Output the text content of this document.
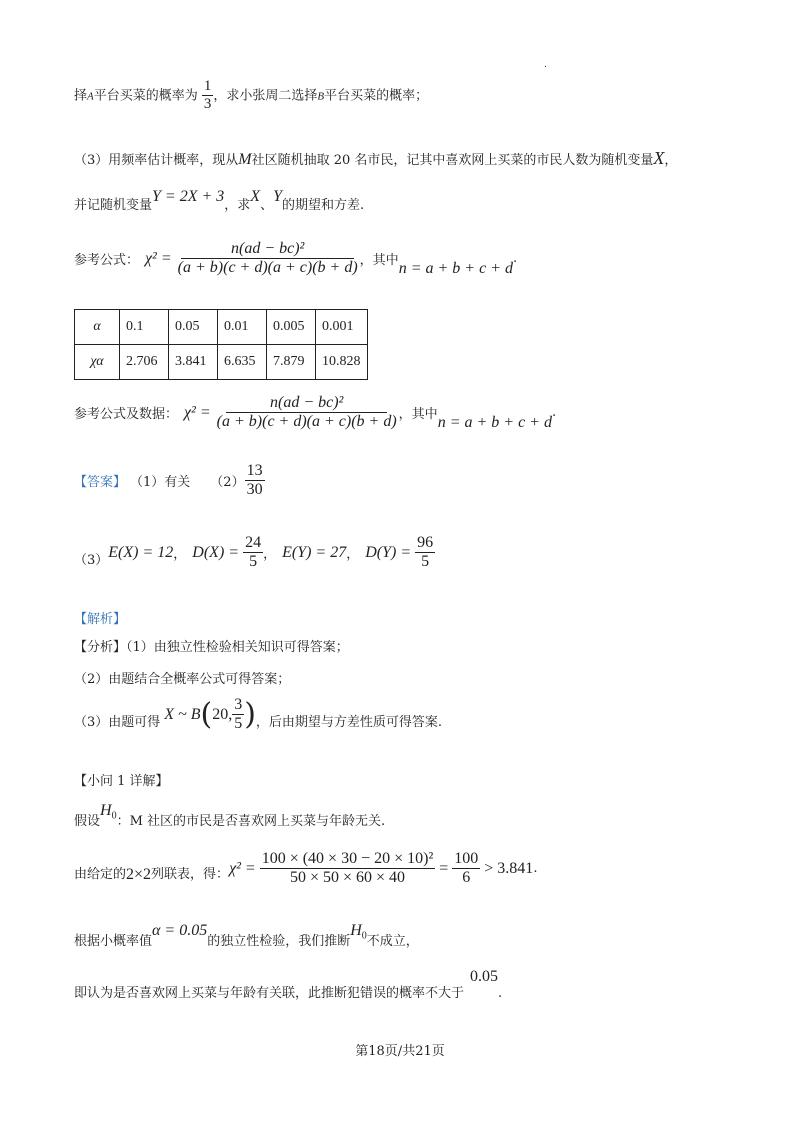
.
择A平台买菜的概率为 $\frac{1}{3}$ ，求小张周二选择B平台买菜的概率；
（3）用频率估计概率，现从M社区随机抽取 20 名市民，记其中喜欢网上买菜的市民人数为随机变量X，
并记随机变量Y = 2X + 3，求X、Y的期望和方差.
参考公式： $\chi^2 = \frac{\text{n(ad − bc)²}}{(a + b)(c + d)(a + c)(b + d)}$ ，其中 n = a + b + c + d
.
α	0.1	0.05	0.01	0.005	0.001
χα	2.706	3.841	6.635	7.879	10.828
参考公式及数据： $\chi^2 = \frac{\text{n(ad − bc)²}}{(a + b)(c + d)(a + c)(b + d)}$ ，其中 n = a + b + c + d
.
【答案】 （1）有关 $(2) \frac{13}{30}$
（3） E(X) = 12 ， $D(X) = \frac{24}{5}$ ， E(Y) = 27 ， $D(Y) = \frac{96}{5}$
【解析】
【分析】（1）由独立性检验相关知识可得答案；
（2）由题结合全概率公式可得答案；
（3）由题可得 X ~ B ( 20, $\frac{3}{5}$ ) ，后由期望与方差性质可得答案.
【小问 1 详解】
假设$H_0$：M 社区的市民是否喜欢网上买菜与年龄无关.
由给定的 2×2 列联表，得： $\chi^2 = \frac{\text{100 × (40 × 30 − 20 × 10)²}}{50 \times 50 \times 60 \times 40} = \frac{100}{6} > 3.841$ .
根据小概率值α = 0.05的独立性检验，我们推断$H_0$不成立，
即认为是否喜欢网上买菜与年龄有关联，此推断犯错误的概率不大于0.05.
第18页/共21页
